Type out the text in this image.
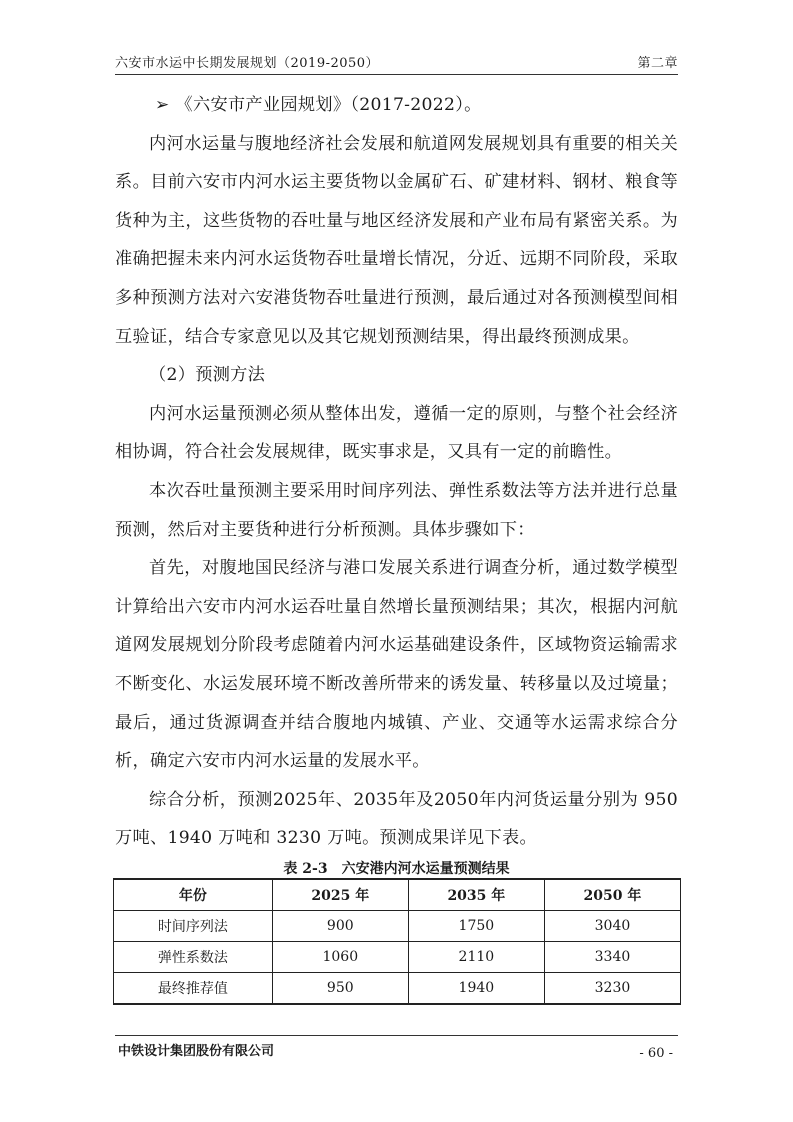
六安市水运中长期发展规划（2019-2050）	第二章

➢ 《六安市产业园规划》（2017-2022）。

内河水运量与腹地经济社会发展和航道网发展规划具有重要的相关关系。目前六安市内河水运主要货物以金属矿石、矿建材料、钢材、粮食等货种为主，这些货物的吞吐量与地区经济发展和产业布局有紧密关系。为准确把握未来内河水运货物吞吐量增长情况，分近、远期不同阶段，采取多种预测方法对六安港货物吞吐量进行预测，最后通过对各预测模型间相互验证，结合专家意见以及其它规划预测结果，得出最终预测成果。

（2）预测方法

内河水运量预测必须从整体出发，遵循一定的原则，与整个社会经济相协调，符合社会发展规律，既实事求是，又具有一定的前瞻性。

本次吞吐量预测主要采用时间序列法、弹性系数法等方法并进行总量预测，然后对主要货种进行分析预测。具体步骤如下：

首先，对腹地国民经济与港口发展关系进行调查分析，通过数学模型计算给出六安市内河水运吞吐量自然增长量预测结果；其次，根据内河航道网发展规划分阶段考虑随着内河水运基础建设条件，区域物资运输需求不断变化、水运发展环境不断改善所带来的诱发量、转移量以及过境量；最后，通过货源调查并结合腹地内城镇、产业、交通等水运需求综合分析，确定六安市内河水运量的发展水平。

综合分析，预测2025年、2035年及2050年内河货运量分别为 950万吨、1940 万吨和 3230 万吨。预测成果详见下表。

表 2-3　六安港内河水运量预测结果
年份	2025 年	2035 年	2050 年
时间序列法	900	1750	3040
弹性系数法	1060	2110	3340
最终推荐值	950	1940	3230
中铁设计集团股份有限公司	- 60 -
